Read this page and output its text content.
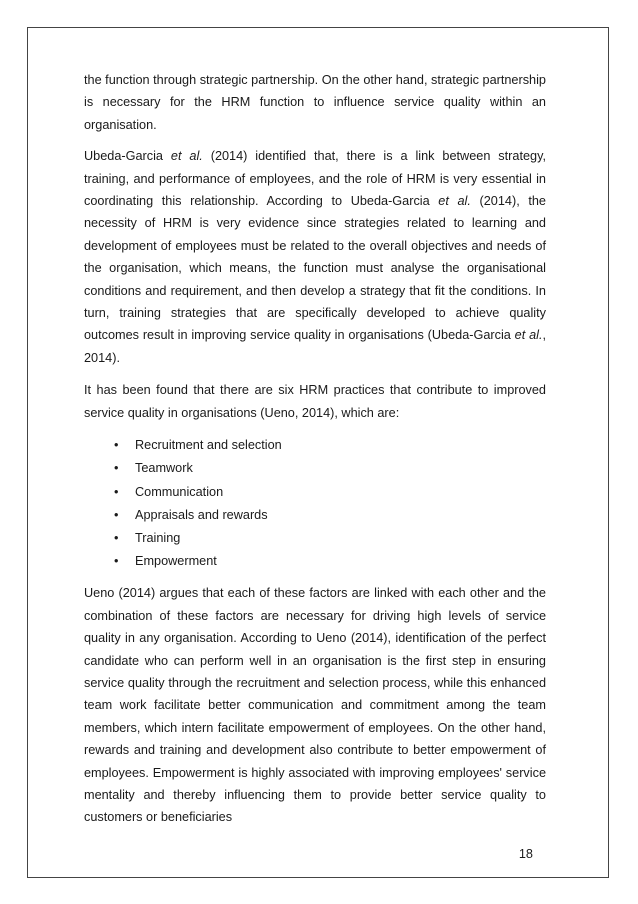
the function through strategic partnership. On the other hand, strategic partnership is necessary for the HRM function to influence service quality within an organisation.

Ubeda-Garcia et al. (2014) identified that, there is a link between strategy, training, and performance of employees, and the role of HRM is very essential in coordinating this relationship. According to Ubeda-Garcia et al. (2014), the necessity of HRM is very evidence since strategies related to learning and development of employees must be related to the overall objectives and needs of the organisation, which means, the function must analyse the organisational conditions and requirement, and then develop a strategy that fit the conditions. In turn, training strategies that are specifically developed to achieve quality outcomes result in improving service quality in organisations (Ubeda-Garcia et al., 2014).

It has been found that there are six HRM practices that contribute to improved service quality in organisations (Ueno, 2014), which are:

• Recruitment and selection
• Teamwork
• Communication
• Appraisals and rewards
• Training
• Empowerment

Ueno (2014) argues that each of these factors are linked with each other and the combination of these factors are necessary for driving high levels of service quality in any organisation. According to Ueno (2014), identification of the perfect candidate who can perform well in an organisation is the first step in ensuring service quality through the recruitment and selection process, while this enhanced team work facilitate better communication and commitment among the team members, which intern facilitate empowerment of employees. On the other hand, rewards and training and development also contribute to better empowerment of employees. Empowerment is highly associated with improving employees' service mentality and thereby influencing them to provide better service quality to customers or beneficiaries

18
